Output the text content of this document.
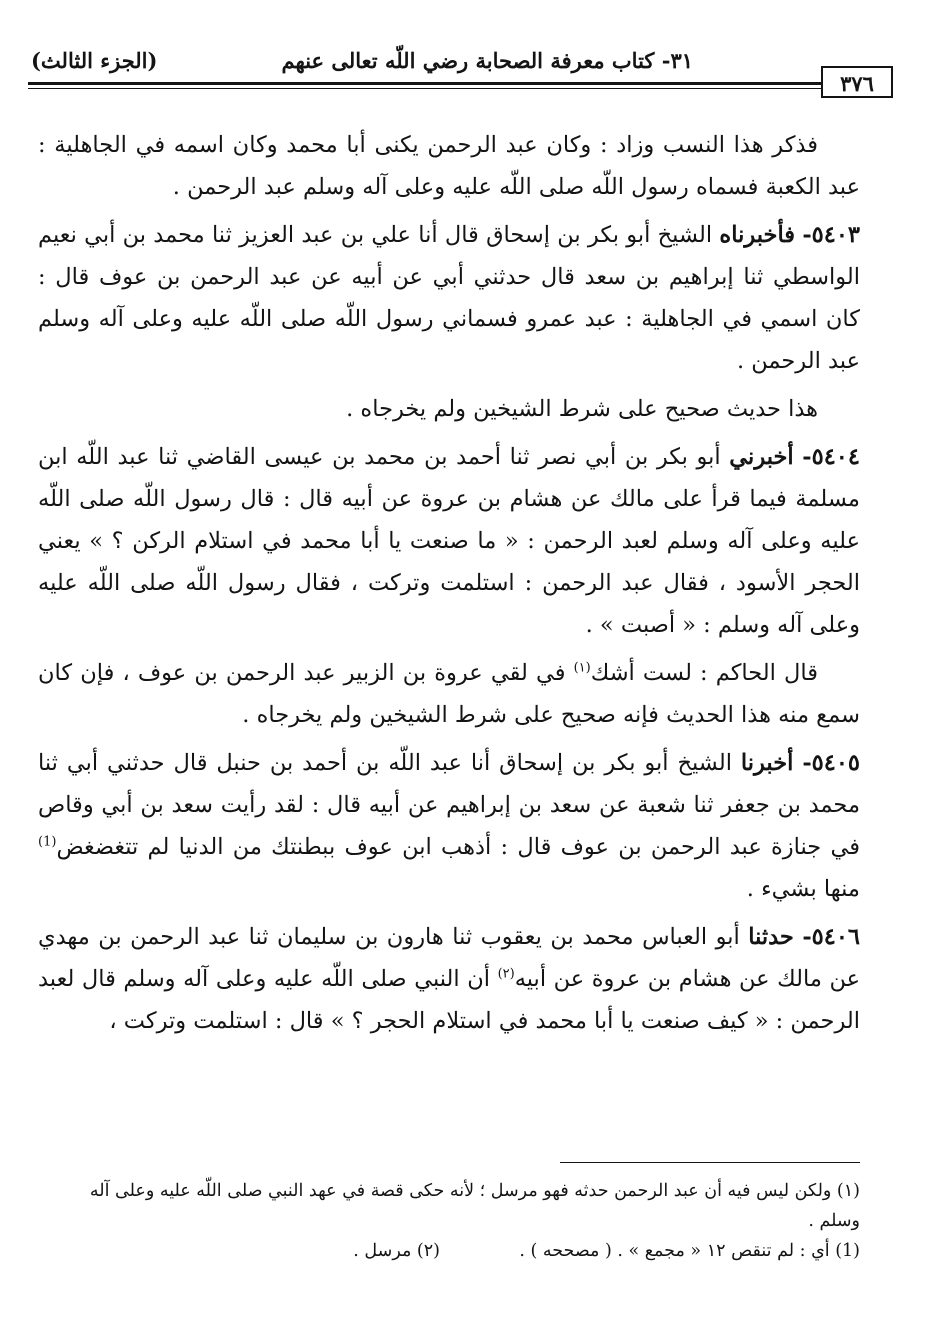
(الجزء الثالث)	٣١- كتاب معرفة الصحابة رضي اللّه تعالى عنهم
٣٧٦

فذكر هذا النسب وزاد : وكان عبد الرحمن يكنى أبا محمد وكان اسمه في الجاهلية : عبد الكعبة فسماه رسول اللّه صلى اللّه عليه وعلى آله وسلم عبد الرحمن .

٥٤٠٣- فأخبرناه الشيخ أبو بكر بن إسحاق قال أنا علي بن عبد العزيز ثنا محمد بن أبي نعيم الواسطي ثنا إبراهيم بن سعد قال حدثني أبي عن أبيه عن عبد الرحمن بن عوف قال : كان اسمي في الجاهلية : عبد عمرو فسماني رسول اللّه صلى اللّه عليه وعلى آله وسلم عبد الرحمن .

هذا حديث صحيح على شرط الشيخين ولم يخرجاه .

٥٤٠٤- أخبرني أبو بكر بن أبي نصر ثنا أحمد بن محمد بن عيسى القاضي ثنا عبد اللّه ابن مسلمة فيما قرأ على مالك عن هشام بن عروة عن أبيه قال : قال رسول اللّه صلى اللّه عليه وعلى آله وسلم لعبد الرحمن : « ما صنعت يا أبا محمد في استلام الركن ؟ » يعني الحجر الأسود ، فقال عبد الرحمن : استلمت وتركت ، فقال رسول اللّه صلى اللّه عليه وعلى آله وسلم : « أصبت » .

قال الحاكم : لست أشك$^{(١)}$ في لقي عروة بن الزبير عبد الرحمن بن عوف ، فإن كان سمع منه هذا الحديث فإنه صحيح على شرط الشيخين ولم يخرجاه .

٥٤٠٥- أخبرنا الشيخ أبو بكر بن إسحاق أنا عبد اللّه بن أحمد بن حنبل قال حدثني أبي ثنا محمد بن جعفر ثنا شعبة عن سعد بن إبراهيم عن أبيه قال : لقد رأيت سعد بن أبي وقاص في جنازة عبد الرحمن بن عوف قال : أذهب ابن عوف ببطنتك من الدنيا لم تتغضغض$^{(1)}$ منها بشيء .

٥٤٠٦- حدثنا أبو العباس محمد بن يعقوب ثنا هارون بن سليمان ثنا عبد الرحمن بن مهدي عن مالك عن هشام بن عروة عن أبيه$^{(٢)}$ أن النبي صلى اللّه عليه وعلى آله وسلم قال لعبد الرحمن : « كيف صنعت يا أبا محمد في استلام الحجر ؟ » قال : استلمت وتركت ،

(١) ولكن ليس فيه أن عبد الرحمن حدثه فهو مرسل ؛ لأنه حكى قصة في عهد النبي صلى اللّه عليه وعلى آله وسلم .

(1) أي : لم تنقص ١٢ « مجمع » . ( مصححه ) .

(٢) مرسل .
